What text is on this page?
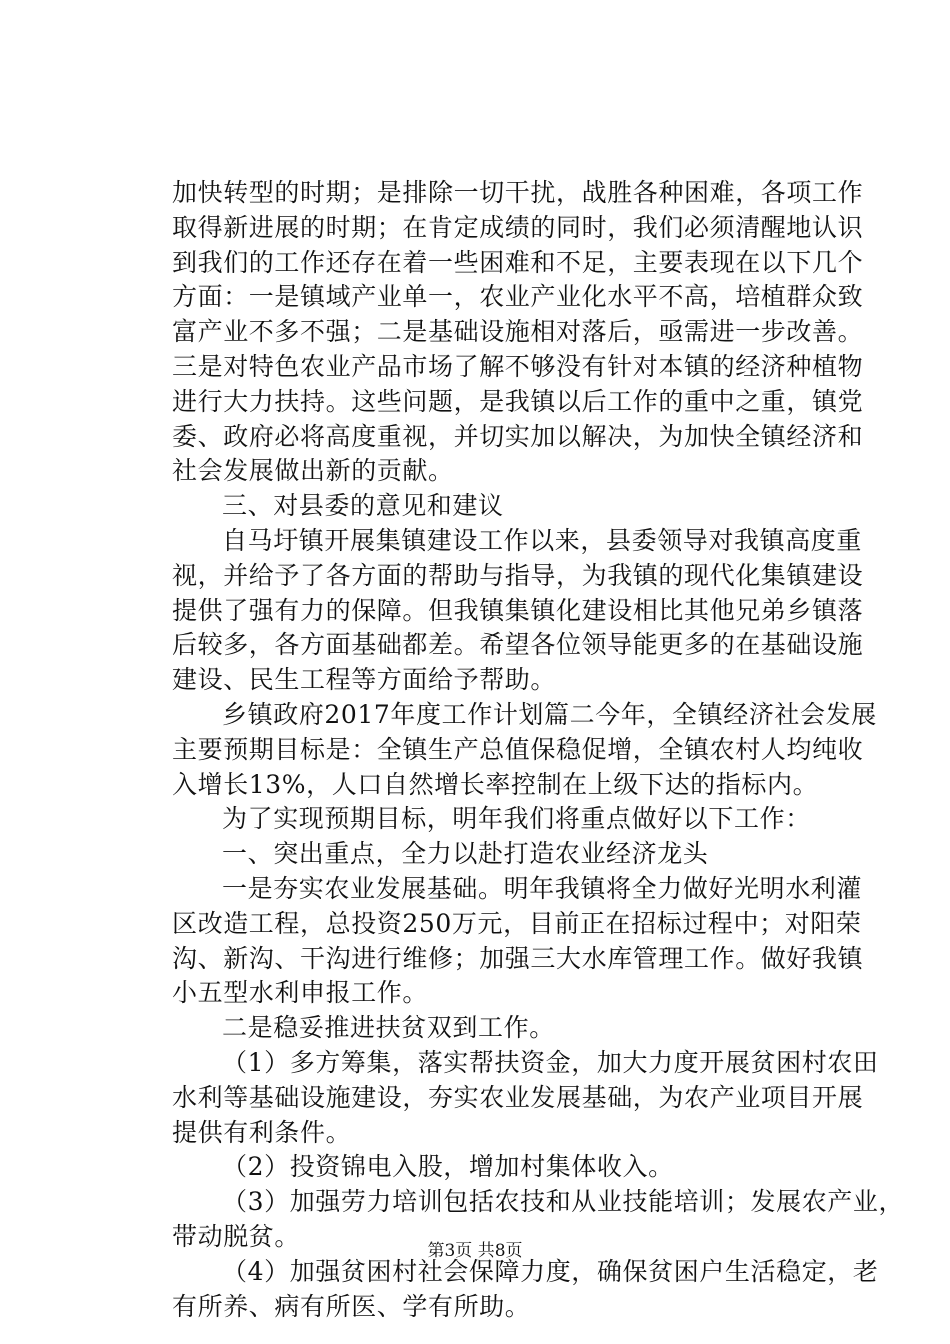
加快转型的时期；是排除一切干扰，战胜各种困难，各项工作
取得新进展的时期；在肯定成绩的同时，我们必须清醒地认识
到我们的工作还存在着一些困难和不足，主要表现在以下几个
方面：一是镇域产业单一，农业产业化水平不高，培植群众致
富产业不多不强；二是基础设施相对落后，亟需进一步改善。
三是对特色农业产品市场了解不够没有针对本镇的经济种植物
进行大力扶持。这些问题，是我镇以后工作的重中之重，镇党
委、政府必将高度重视，并切实加以解决，为加快全镇经济和
社会发展做出新的贡献。
三、对县委的意见和建议
自马圩镇开展集镇建设工作以来，县委领导对我镇高度重
视，并给予了各方面的帮助与指导，为我镇的现代化集镇建设
提供了强有力的保障。但我镇集镇化建设相比其他兄弟乡镇落
后较多，各方面基础都差。希望各位领导能更多的在基础设施
建设、民生工程等方面给予帮助。
乡镇政府2017年度工作计划篇二今年，全镇经济社会发展
主要预期目标是：全镇生产总值保稳促增，全镇农村人均纯收
入增长13%，人口自然增长率控制在上级下达的指标内。
为了实现预期目标，明年我们将重点做好以下工作：
一、突出重点，全力以赴打造农业经济龙头
一是夯实农业发展基础。明年我镇将全力做好光明水利灌
区改造工程，总投资250万元，目前正在招标过程中；对阳荣
沟、新沟、干沟进行维修；加强三大水库管理工作。做好我镇
小五型水利申报工作。
二是稳妥推进扶贫双到工作。
（1）多方筹集，落实帮扶资金，加大力度开展贫困村农田
水利等基础设施建设，夯实农业发展基础，为农产业项目开展
提供有利条件。
（2）投资锦电入股，增加村集体收入。
（3）加强劳力培训包括农技和从业技能培训；发展农产业，
带动脱贫。
（4）加强贫困村社会保障力度，确保贫困户生活稳定，老
有所养、病有所医、学有所助。
第3页 共8页
